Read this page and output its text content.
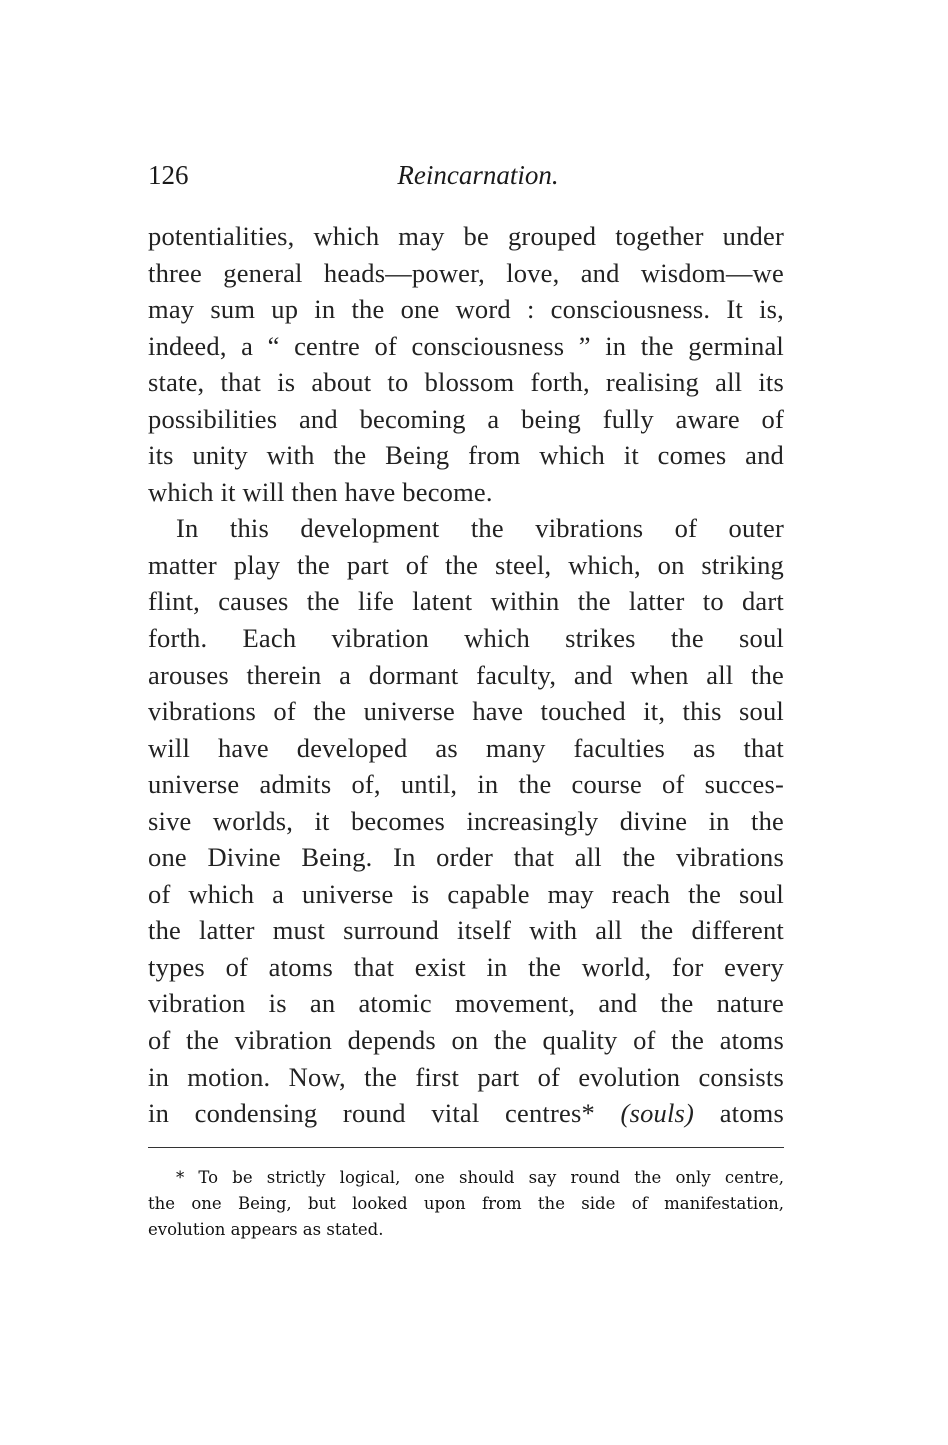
126	Reincarnation.
potentialities, which may be grouped together under
three general heads—power, love, and wisdom—we
may sum up in the one word : consciousness. It is,
indeed, a “ centre of consciousness ” in the germinal
state, that is about to blossom forth, realising all its
possibilities and becoming a being fully aware of
its unity with the Being from which it comes and
which it will then have become.
In this development the vibrations of outer
matter play the part of the steel, which, on striking
flint, causes the life latent within the latter to dart
forth. Each vibration which strikes the soul
arouses therein a dormant faculty, and when all the
vibrations of the universe have touched it, this soul
will have developed as many faculties as that
universe admits of, until, in the course of succes-
sive worlds, it becomes increasingly divine in the
one Divine Being. In order that all the vibrations
of which a universe is capable may reach the soul
the latter must surround itself with all the different
types of atoms that exist in the world, for every
vibration is an atomic movement, and the nature
of the vibration depends on the quality of the atoms
in motion. Now, the first part of evolution consists
in condensing round vital centres* (souls) atoms
* To be strictly logical, one should say round the only centre,
the one Being, but looked upon from the side of manifestation,
evolution appears as stated.
